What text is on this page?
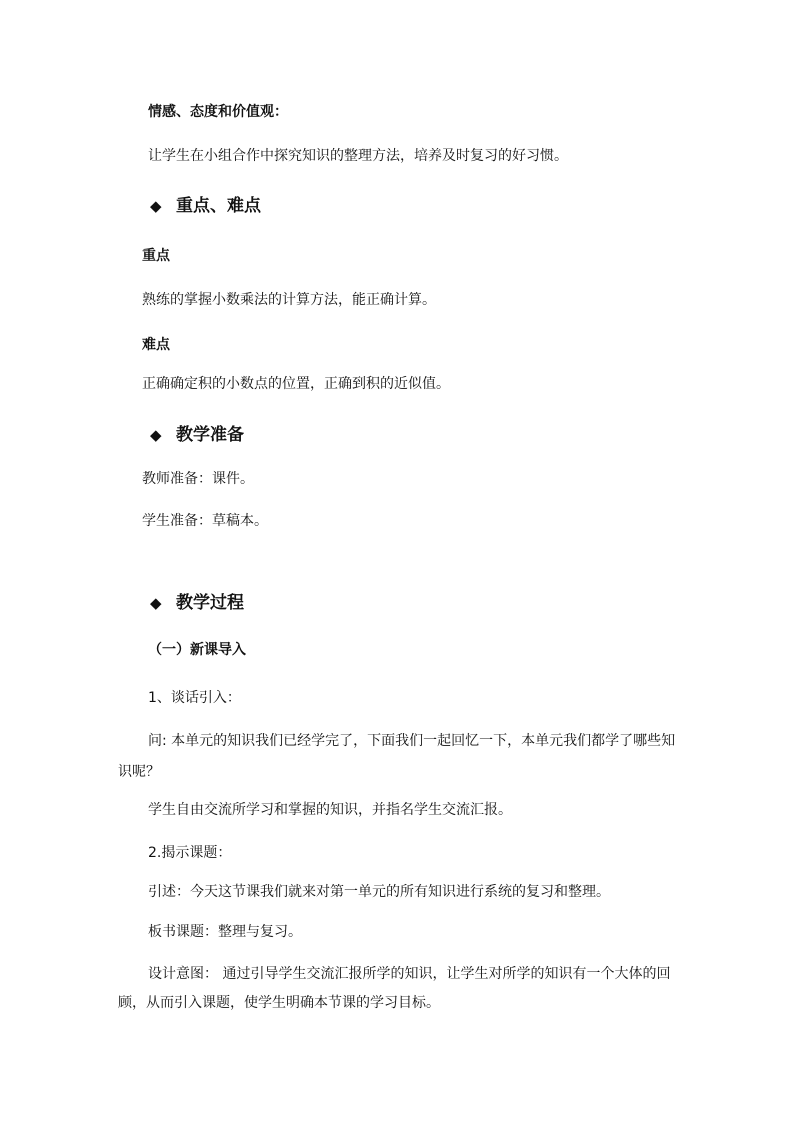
情感、态度和价值观：
让学生在小组合作中探究知识的整理方法，培养及时复习的好习惯。
◆ 重点、难点
重点
熟练的掌握小数乘法的计算方法，能正确计算。
难点
正确确定积的小数点的位置，正确到积的近似值。
◆ 教学准备
教师准备：课件。
学生准备：草稿本。
◆ 教学过程
（一）新课导入
1、谈话引入：
问: 本单元的知识我们已经学完了，下面我们一起回忆一下，本单元我们都学了哪些知
识呢？
学生自由交流所学习和掌握的知识，并指名学生交流汇报。
2.揭示课题：
引述：今天这节课我们就来对第一单元的所有知识进行系统的复习和整理。
板书课题：整理与复习。
设计意图： 通过引导学生交流汇报所学的知识，让学生对所学的知识有一个大体的回
顾，从而引入课题，使学生明确本节课的学习目标。
